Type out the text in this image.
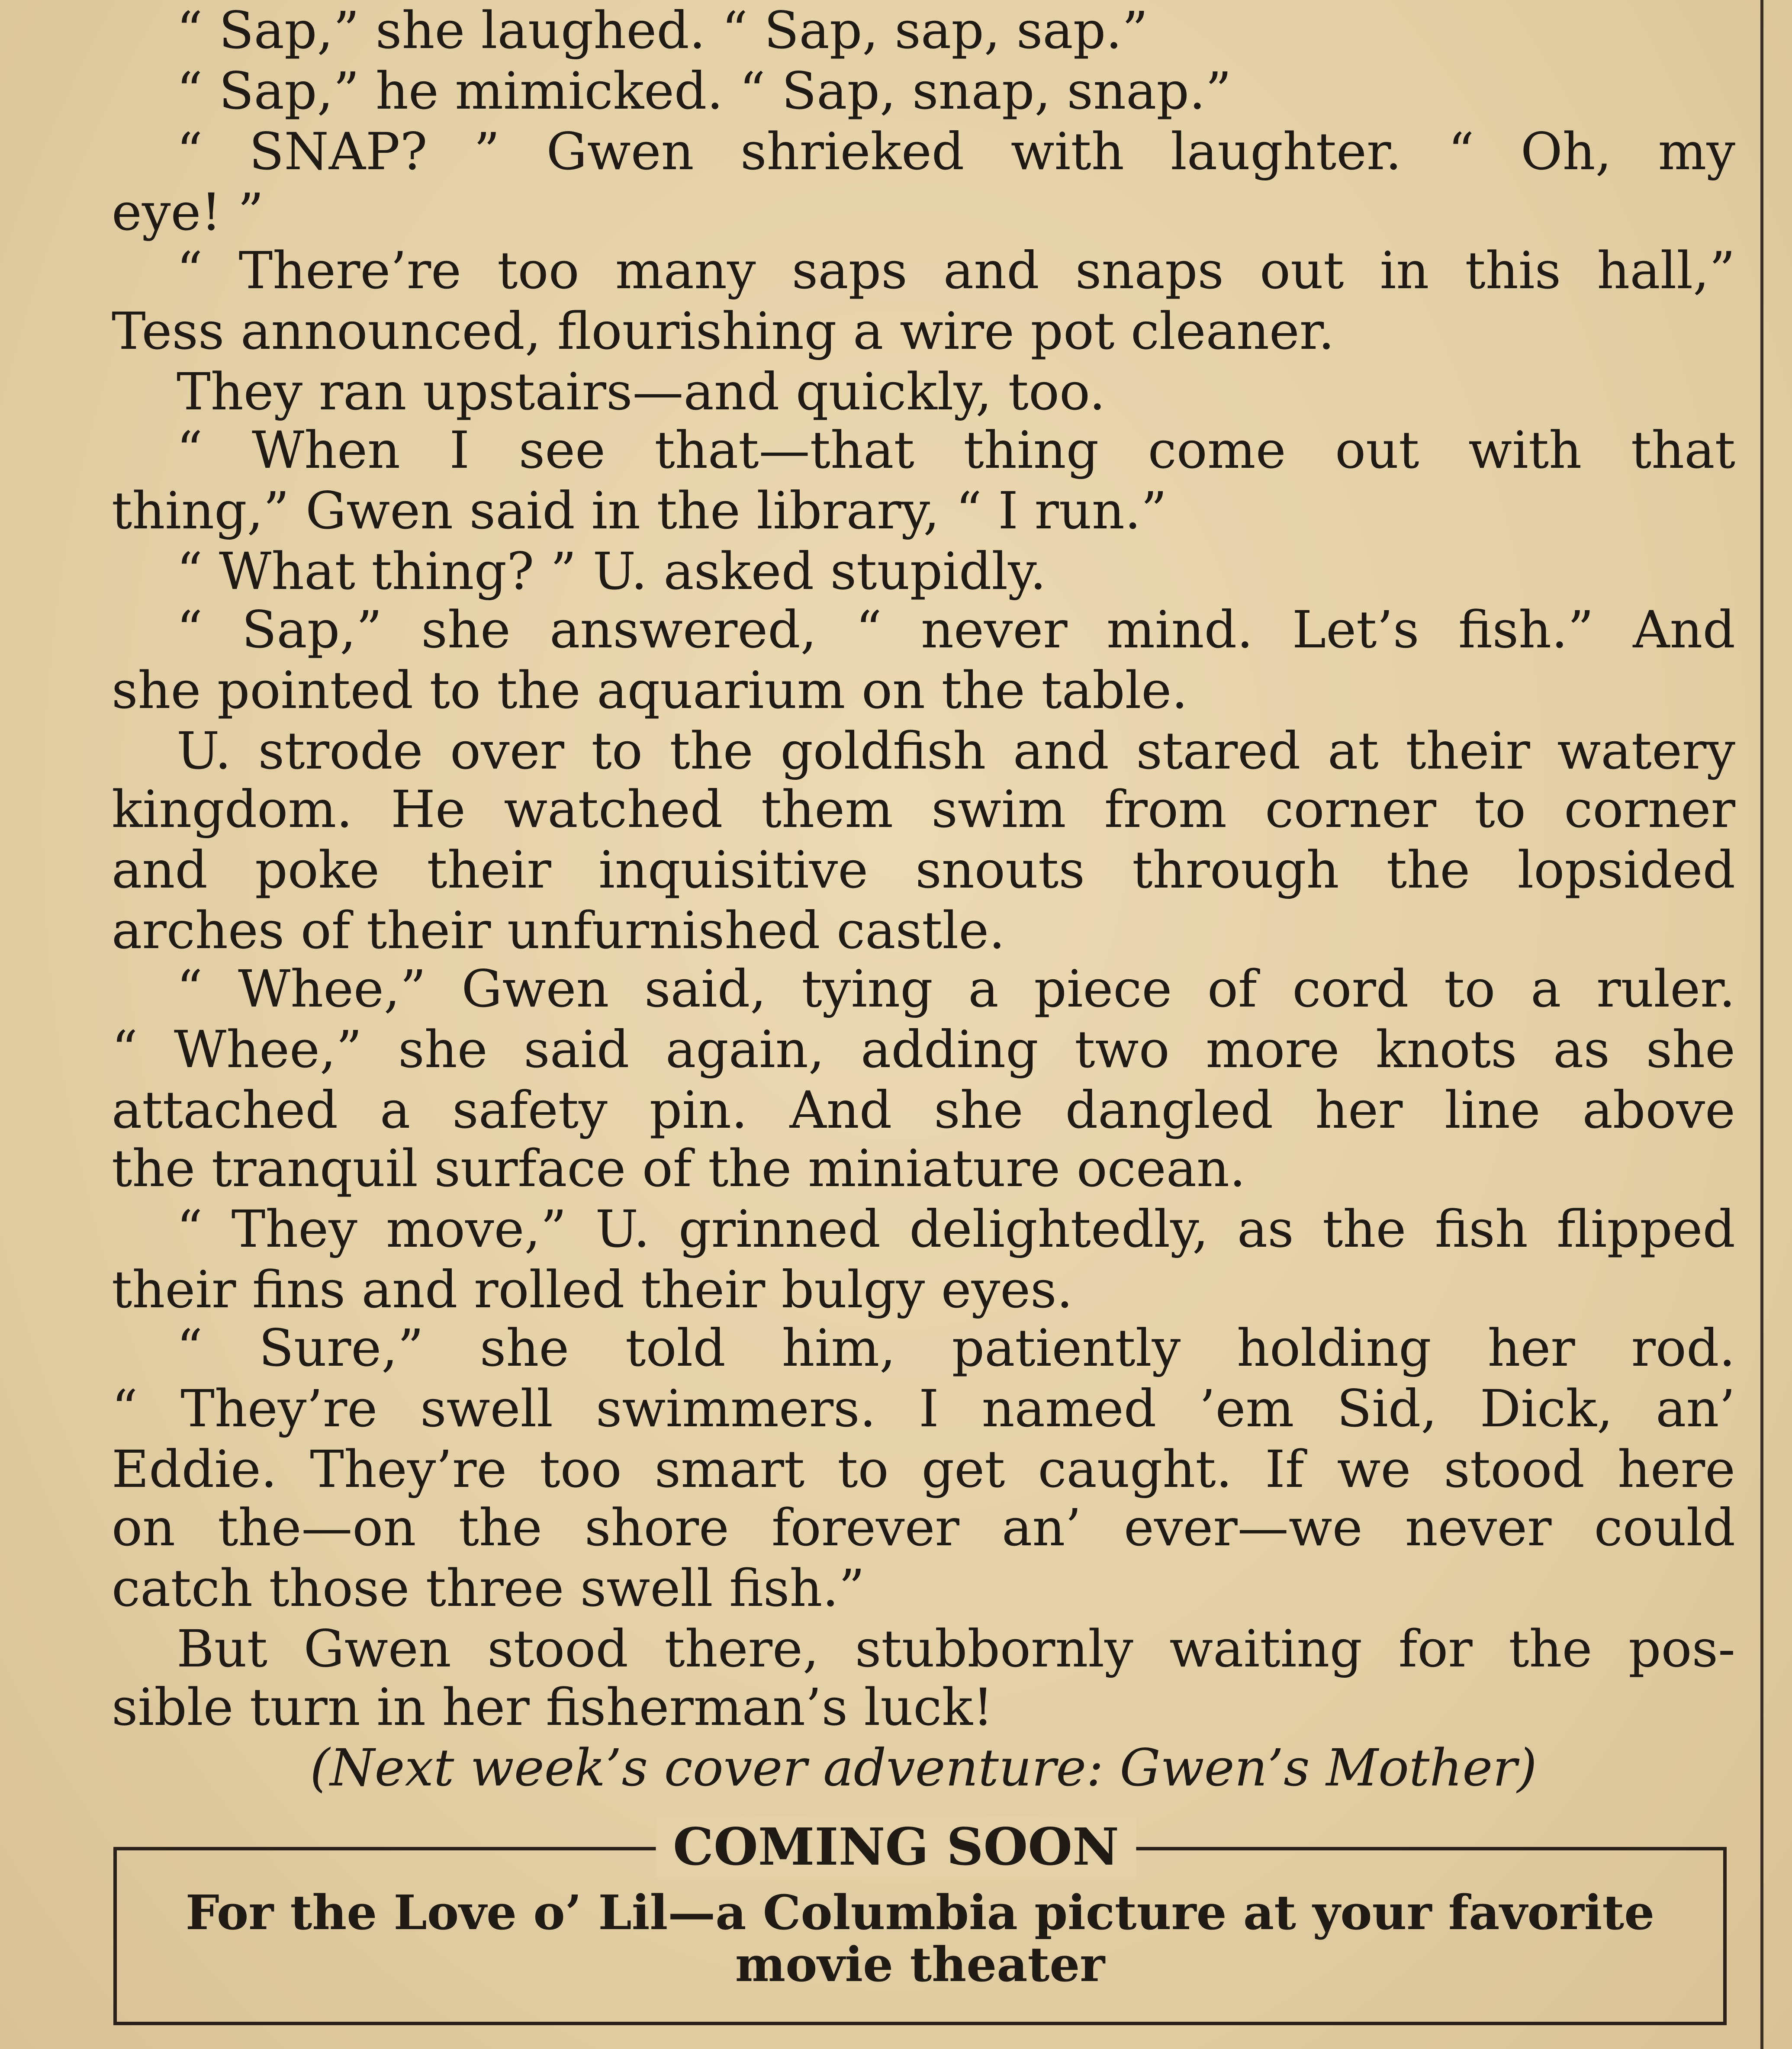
“ Sap,” she laughed. “ Sap, sap, sap.”
“ Sap,” he mimicked. “ Sap, snap, snap.”
“ SNAP? ” Gwen shrieked with laughter. “ Oh, my
eye! ”
“ There’re too many saps and snaps out in this hall,”
Tess announced, flourishing a wire pot cleaner.
They ran upstairs—and quickly, too.
“ When I see that—that thing come out with that
thing,” Gwen said in the library, “ I run.”
“ What thing? ” U. asked stupidly.
“ Sap,” she answered, “ never mind. Let’s fish.” And
she pointed to the aquarium on the table.
U. strode over to the goldfish and stared at their watery
kingdom. He watched them swim from corner to corner
and poke their inquisitive snouts through the lopsided
arches of their unfurnished castle.
“ Whee,” Gwen said, tying a piece of cord to a ruler.
“ Whee,” she said again, adding two more knots as she
attached a safety pin. And she dangled her line above
the tranquil surface of the miniature ocean.
“ They move,” U. grinned delightedly, as the fish flipped
their fins and rolled their bulgy eyes.
“ Sure,” she told him, patiently holding her rod.
“ They’re swell swimmers. I named ’em Sid, Dick, an’
Eddie. They’re too smart to get caught. If we stood here
on the—on the shore forever an’ ever—we never could
catch those three swell fish.”
But Gwen stood there, stubbornly waiting for the pos-
sible turn in her fisherman’s luck!
(Next week’s cover adventure: Gwen’s Mother)
COMING SOON
For the Love o’ Lil—a Columbia picture at your favorite movie theater
